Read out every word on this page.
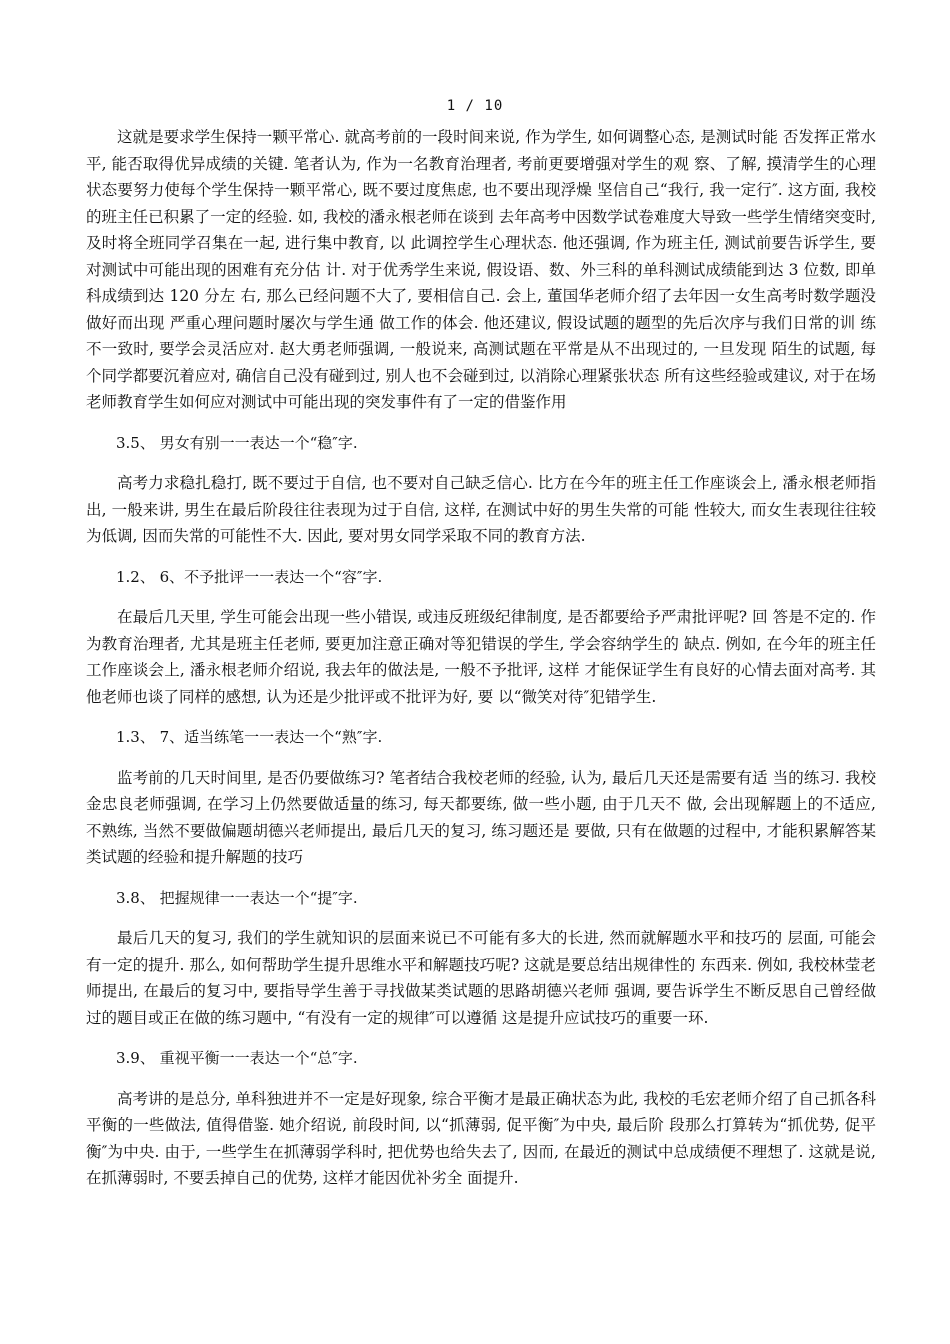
1 / 10

这就是要求学生保持一颗平常心. 就高考前的一段时间来说, 作为学生, 如何调整心态, 是测试时能 否发挥正常水平, 能否取得优异成绩的关键. 笔者认为, 作为一名教育治理者, 考前更要增强对学生的观 察、了解, 摸清学生的心理状态要努力使每个学生保持一颗平常心, 既不要过度焦虑, 也不要出现浮燥 坚信自己“我行, 我一定行″. 这方面, 我校的班主任已积累了一定的经验. 如, 我校的潘永根老师在谈到 去年高考中因数学试卷难度大导致一些学生情绪突变时, 及时将全班同学召集在一起, 进行集中教育, 以 此调控学生心理状态. 他还强调, 作为班主任, 测试前要告诉学生, 要对测试中可能出现的困难有充分估 计. 对于优秀学生来说, 假设语、数、外三科的单科测试成绩能到达 3 位数, 即单科成绩到达 120 分左 右, 那么已经问题不大了, 要相信自己. 会上, 董国华老师介绍了去年因一女生高考时数学题没做好而出现 严重心理问题时屡次与学生通 做工作的体会. 他还建议, 假设试题的题型的先后次序与我们日常的训 练不一致时, 要学会灵活应对. 赵大勇老师强调, 一般说来, 高测试题在平常是从不出现过的, 一旦发现 陌生的试题, 每个同学都要沉着应对, 确信自己没有碰到过, 别人也不会碰到过, 以消除心理紧张状态 所有这些经验或建议, 对于在场老师教育学生如何应对测试中可能出现的突发事件有了一定的借鉴作用

3.5、 男女有别一一表达一个“稳″字.

高考力求稳扎稳打, 既不要过于自信, 也不要对自己缺乏信心. 比方在今年的班主任工作座谈会上, 潘永根老师指出, 一般来讲, 男生在最后阶段往往表现为过于自信, 这样, 在测试中好的男生失常的可能 性较大, 而女生表现往往较为低调, 因而失常的可能性不大. 因此, 要对男女同学采取不同的教育方法.

1.2、 6、不予批评一一表达一个“容″字.

在最后几天里, 学生可能会出现一些小错误, 或违反班级纪律制度, 是否都要给予严肃批评呢? 回 答是不定的. 作为教育治理者, 尤其是班主任老师, 要更加注意正确对等犯错误的学生, 学会容纳学生的 缺点. 例如, 在今年的班主任工作座谈会上, 潘永根老师介绍说, 我去年的做法是, 一般不予批评, 这样 才能保证学生有良好的心情去面对高考. 其他老师也谈了同样的感想, 认为还是少批评或不批评为好, 要 以“微笑对待″犯错学生.

1.3、 7、适当练笔一一表达一个“熟″字.

监考前的几天时间里, 是否仍要做练习? 笔者结合我校老师的经验, 认为, 最后几天还是需要有适 当的练习. 我校金忠良老师强调, 在学习上仍然要做适量的练习, 每天都要练, 做一些小题, 由于几天不 做, 会出现解题上的不适应, 不熟练, 当然不要做偏题胡德兴老师提出, 最后几天的复习, 练习题还是 要做, 只有在做题的过程中, 才能积累解答某类试题的经验和提升解题的技巧

3.8、 把握规律一一表达一个“提″字.

最后几天的复习, 我们的学生就知识的层面来说已不可能有多大的长进, 然而就解题水平和技巧的 层面, 可能会有一定的提升. 那么, 如何帮助学生提升思维水平和解题技巧呢? 这就是要总结出规律性的 东西来. 例如, 我校林莹老师提出, 在最后的复习中, 要指导学生善于寻找做某类试题的思路胡德兴老师 强调, 要告诉学生不断反思自己曾经做过的题目或正在做的练习题中, “有没有一定的规律″可以遵循 这是提升应试技巧的重要一环.

3.9、 重视平衡一一表达一个“总″字.

高考讲的是总分, 单科独进并不一定是好现象, 综合平衡才是最正确状态为此, 我校的毛宏老师介绍了自己抓各科平衡的一些做法, 值得借鉴. 她介绍说, 前段时间, 以“抓薄弱, 促平衡″为中央, 最后阶 段那么打算转为“抓优势, 促平衡″为中央. 由于, 一些学生在抓薄弱学科时, 把优势也给失去了, 因而, 在最近的测试中总成绩便不理想了. 这就是说, 在抓薄弱时, 不要丢掉自己的优势, 这样才能因优补劣全 面提升.
